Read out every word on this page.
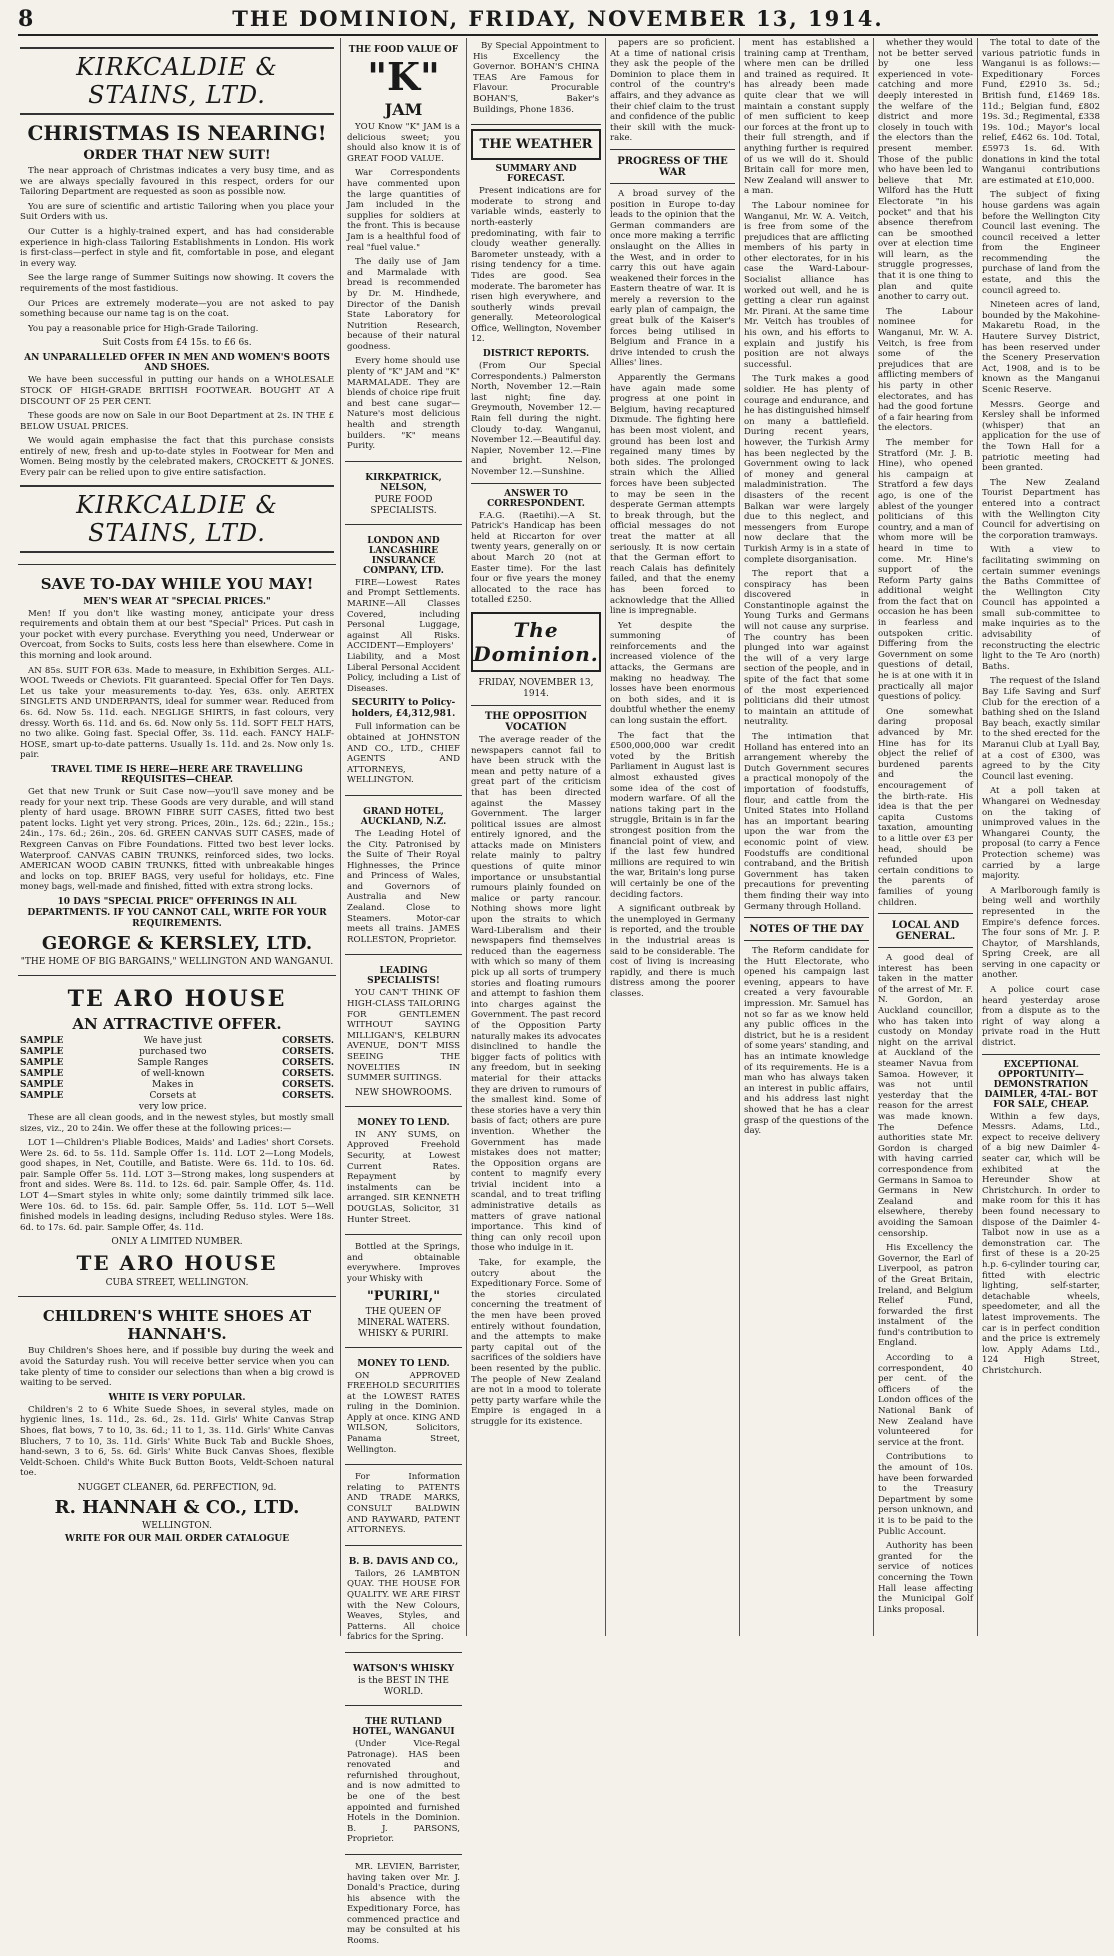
8	THE DOMINION, FRIDAY, NOVEMBER 13, 1914.
KIRKCALDIE & STAINS, LTD.
CHRISTMAS IS NEARING!
ORDER THAT NEW SUIT!

The near approach of Christmas indicates a very busy time, and as we are always specially favoured in this respect, orders for our Tailoring Department are requested as soon as possible now.

You are sure of scientific and artistic Tailoring when you place your Suit Orders with us.

Our Cutter is a highly-trained expert, and has had considerable experience in high-class Tailoring Establishments in London. His work is first-class—perfect in style and fit, comfortable in pose, and elegant in every way.

See the large range of Summer Suitings now showing. It covers the requirements of the most fastidious.

Our Prices are extremely moderate—you are not asked to pay something because our name tag is on the coat.

You pay a reasonable price for High-Grade Tailoring.

Suit Costs from £4 15s. to £6 6s.
AN UNPARALLELED OFFER IN MEN AND WOMEN'S BOOTS AND SHOES.

We have been successful in putting our hands on a WHOLESALE STOCK OF HIGH-GRADE BRITISH FOOTWEAR. BOUGHT AT A DISCOUNT OF 25 PER CENT.

These goods are now on Sale in our Boot Department at 2s. IN THE £ BELOW USUAL PRICES.

We would again emphasise the fact that this purchase consists entirely of new, fresh and up-to-date styles in Footwear for Men and Women. Being mostly by the celebrated makers, CROCKETT & JONES. Every pair can be relied upon to give entire satisfaction.

KIRKCALDIE & STAINS, LTD.
SAVE TO-DAY WHILE YOU MAY!
MEN'S WEAR AT "SPECIAL PRICES."

Men! If you don't like wasting money, anticipate your dress requirements and obtain them at our best "Special" Prices. Put cash in your pocket with every purchase. Everything you need, Underwear or Overcoat, from Socks to Suits, costs less here than elsewhere. Come in this morning and look around.

AN 85s. SUIT FOR 63s. Made to measure, in Exhibition Serges. ALL-WOOL Tweeds or Cheviots. Fit guaranteed. Special Offer for Ten Days. Let us take your measurements to-day. Yes, 63s. only. AERTEX SINGLETS AND UNDERPANTS, ideal for summer wear. Reduced from 6s. 6d. Now 5s. 11d. each. NEGLIGE SHIRTS, in fast colours, very dressy. Worth 6s. 11d. and 6s. 6d. Now only 5s. 11d. SOFT FELT HATS, no two alike. Going fast. Special Offer, 3s. 11d. each. FANCY HALF-HOSE, smart up-to-date patterns. Usually 1s. 11d. and 2s. Now only 1s. pair.

TRAVEL TIME IS HERE—HERE ARE TRAVELLING REQUISITES—CHEAP.

Get that new Trunk or Suit Case now—you'll save money and be ready for your next trip. These Goods are very durable, and will stand plenty of hard usage. BROWN FIBRE SUIT CASES, fitted two best patent locks. Light yet very strong. Prices, 20in., 12s. 6d.; 22in., 15s.; 24in., 17s. 6d.; 26in., 20s. 6d. GREEN CANVAS SUIT CASES, made of Rexgreen Canvas on Fibre Foundations. Fitted two best lever locks. Waterproof. CANVAS CABIN TRUNKS, reinforced sides, two locks. AMERICAN WOOD CABIN TRUNKS, fitted with unbreakable hinges and locks on top. BRIEF BAGS, very useful for holidays, etc. Fine money bags, well-made and finished, fitted with extra strong locks.

10 DAYS "SPECIAL PRICE" OFFERINGS IN ALL DEPARTMENTS. IF YOU CANNOT CALL, WRITE FOR YOUR REQUIREMENTS.
GEORGE & KERSLEY, LTD.
"THE HOME OF BIG BARGAINS," WELLINGTON AND WANGANUI.
TE ARO HOUSE
AN ATTRACTIVE OFFER.
SAMPLE
SAMPLE
SAMPLE
SAMPLE
SAMPLE
SAMPLE
We have just
purchased two
Sample Ranges
of well-known
Makes in
Corsets at
very low price.
CORSETS.
CORSETS.
CORSETS.
CORSETS.
CORSETS.
CORSETS.

These are all clean goods, and in the newest styles, but mostly small sizes, viz., 20 to 24in. We offer these at the following prices:—

LOT 1—Children's Pliable Bodices, Maids' and Ladies' short Corsets. Were 2s. 6d. to 5s. 11d. Sample Offer 1s. 11d. LOT 2—Long Models, good shapes, in Net, Coutille, and Batiste. Were 6s. 11d. to 10s. 6d. pair. Sample Offer 5s. 11d. LOT 3—Strong makes, long suspenders at front and sides. Were 8s. 11d. to 12s. 6d. pair. Sample Offer, 4s. 11d. LOT 4—Smart styles in white only; some daintily trimmed silk lace. Were 10s. 6d. to 15s. 6d. pair. Sample Offer, 5s. 11d. LOT 5—Well finished models in leading designs, including Reduso styles. Were 18s. 6d. to 17s. 6d. pair. Sample Offer, 4s. 11d.

ONLY A LIMITED NUMBER.
TE ARO HOUSE
CUBA STREET, WELLINGTON.
CHILDREN'S WHITE SHOES AT HANNAH'S.

Buy Children's Shoes here, and if possible buy during the week and avoid the Saturday rush. You will receive better service when you can take plenty of time to consider our selections than when a big crowd is waiting to be served.

WHITE IS VERY POPULAR.

Children's 2 to 6 White Suede Shoes, in several styles, made on hygienic lines, 1s. 11d., 2s. 6d., 2s. 11d. Girls' White Canvas Strap Shoes, flat bows, 7 to 10, 3s. 6d.; 11 to 1, 3s. 11d. Girls' White Canvas Bluchers, 7 to 10, 3s. 11d. Girls' White Buck Tab and Buckle Shoes, hand-sewn, 3 to 6, 5s. 6d. Girls' White Buck Canvas Shoes, flexible Veldt-Schoen. Child's White Buck Button Boots, Veldt-Schoen natural toe.

NUGGET CLEANER, 6d. PERFECTION, 9d.
R. HANNAH & CO., LTD.
WELLINGTON.
WRITE FOR OUR MAIL ORDER CATALOGUE
THE FOOD VALUE OF
"K"
JAM

YOU Know "K" JAM is a delicious sweet; you should also know it is of GREAT FOOD VALUE.

War Correspondents have commented upon the large quantities of Jam included in the supplies for soldiers at the front. This is because Jam is a healthful food of real "fuel value."

The daily use of Jam and Marmalade with bread is recommended by Dr. M. Hindhede, Director of the Danish State Laboratory for Nutrition Research, because of their natural goodness.

Every home should use plenty of "K" JAM and "K" MARMALADE. They are blends of choice ripe fruit and best cane sugar—Nature's most delicious health and strength builders. "K" means Purity.

KIRKPATRICK, NELSON,
PURE FOOD SPECIALISTS.
LONDON AND LANCASHIRE INSURANCE COMPANY, LTD.

FIRE—Lowest Rates and Prompt Settlements. MARINE—All Classes Covered, including Personal Luggage, against All Risks. ACCIDENT—Employers' Liability, and a Most Liberal Personal Accident Policy, including a List of Diseases.

SECURITY to Policy-holders, £4,312,981.

Full information can be obtained at JOHNSTON AND CO., LTD., CHIEF AGENTS AND ATTORNEYS, WELLINGTON.

GRAND HOTEL, AUCKLAND, N.Z.

The Leading Hotel of the City. Patronised by the Suite of Their Royal Highnesses, the Prince and Princess of Wales, and Governors of Australia and New Zealand. Close to Steamers. Motor-car meets all trains. JAMES ROLLESTON, Proprietor.

LEADING SPECIALISTS!

YOU CAN'T THINK OF HIGH-CLASS TAILORING FOR GENTLEMEN WITHOUT SAYING MILLIGAN'S, KELBURN AVENUE, DON'T MISS SEEING THE NOVELTIES IN SUMMER SUITINGS.

NEW SHOWROOMS.
MONEY TO LEND.

IN ANY SUMS, on Approved Freehold Security, at Lowest Current Rates. Repayment by instalments can be arranged. SIR KENNETH DOUGLAS, Solicitor, 31 Hunter Street.

Bottled at the Springs, and obtainable everywhere. Improves your Whisky with

"PURIRI,"
THE QUEEN OF MINERAL WATERS. WHISKY & PURIRI.
MONEY TO LEND.

ON APPROVED FREEHOLD SECURITIES at the LOWEST RATES ruling in the Dominion. Apply at once. KING AND WILSON, Solicitors, Panama Street, Wellington.

For Information relating to PATENTS AND TRADE MARKS, CONSULT BALDWIN AND RAYWARD, PATENT ATTORNEYS.

B. B. DAVIS AND CO.,

Tailors, 26 LAMBTON QUAY. THE HOUSE FOR QUALITY. WE ARE FIRST with the New Colours, Weaves, Styles, and Patterns. All choice fabrics for the Spring.

WATSON'S WHISKY
is the BEST IN THE WORLD.
THE RUTLAND HOTEL, WANGANUI

(Under Vice-Regal Patronage). HAS been renovated and refurnished throughout, and is now admitted to be one of the best appointed and furnished Hotels in the Dominion. B. J. PARSONS, Proprietor.

MR. LEVIEN, Barrister, having taken over Mr. J. Donald's Practice, during his absence with the Expeditionary Force, has commenced practice and may be consulted at his Rooms.

By Special Appointment to His Excellency the Governor. BOHAN'S CHINA TEAS Are Famous for Flavour. Procurable BOHAN'S, Baker's Buildings, Phone 1836.

THE WEATHER
SUMMARY AND FORECAST.

Present indications are for moderate to strong and variable winds, easterly to north-easterly predominating, with fair to cloudy weather generally. Barometer unsteady, with a rising tendency for a time. Tides are good. Sea moderate. The barometer has risen high everywhere, and southerly winds prevail generally. Meteorological Office, Wellington, November 12.

DISTRICT REPORTS.

(From Our Special Correspondents.) Palmerston North, November 12.—Rain last night; fine day. Greymouth, November 12.—Rain fell during the night. Cloudy to-day. Wanganui, November 12.—Beautiful day. Napier, November 12.—Fine and bright. Nelson, November 12.—Sunshine.

ANSWER TO CORRESPONDENT.

F.A.G. (Raetihi).—A St. Patrick's Handicap has been held at Riccarton for over twenty years, generally on or about March 20 (not at Easter time). For the last four or five years the money allocated to the race has totalled £250.

The Dominion.
FRIDAY, NOVEMBER 13, 1914.
THE OPPOSITION VOCATION

The average reader of the newspapers cannot fail to have been struck with the mean and petty nature of a great part of the criticism that has been directed against the Massey Government. The larger political issues are almost entirely ignored, and the attacks made on Ministers relate mainly to paltry questions of quite minor importance or unsubstantial rumours plainly founded on malice or party rancour. Nothing shows more light upon the straits to which Ward-Liberalism and their newspapers find themselves reduced than the eagerness with which so many of them pick up all sorts of trumpery stories and floating rumours and attempt to fashion them into charges against the Government. The past record of the Opposition Party naturally makes its advocates disinclined to handle the bigger facts of politics with any freedom, but in seeking material for their attacks they are driven to rumours of the smallest kind. Some of these stories have a very thin basis of fact; others are pure invention. Whether the Government has made mistakes does not matter; the Opposition organs are content to magnify every trivial incident into a scandal, and to treat trifling administrative details as matters of grave national importance. This kind of thing can only recoil upon those who indulge in it.

Take, for example, the outcry about the Expeditionary Force. Some of the stories circulated concerning the treatment of the men have been proved entirely without foundation, and the attempts to make party capital out of the sacrifices of the soldiers have been resented by the public. The people of New Zealand are not in a mood to tolerate petty party warfare while the Empire is engaged in a struggle for its existence.

papers are so proficient. At a time of national crisis they ask the people of the Dominion to place them in control of the country's affairs, and they advance as their chief claim to the trust and confidence of the public their skill with the muck-rake.

PROGRESS OF THE WAR

A broad survey of the position in Europe to-day leads to the opinion that the German commanders are once more making a terrific onslaught on the Allies in the West, and in order to carry this out have again weakened their forces in the Eastern theatre of war. It is merely a reversion to the early plan of campaign, the great bulk of the Kaiser's forces being utilised in Belgium and France in a drive intended to crush the Allies' lines.

Apparently the Germans have again made some progress at one point in Belgium, having recaptured Dixmude. The fighting here has been most violent, and ground has been lost and regained many times by both sides. The prolonged strain which the Allied forces have been subjected to may be seen in the desperate German attempts to break through, but the official messages do not treat the matter at all seriously. It is now certain that the German effort to reach Calais has definitely failed, and that the enemy has been forced to acknowledge that the Allied line is impregnable.

Yet despite the summoning of reinforcements and the increased violence of the attacks, the Germans are making no headway. The losses have been enormous on both sides, and it is doubtful whether the enemy can long sustain the effort.

The fact that the £500,000,000 war credit voted by the British Parliament in August last is almost exhausted gives some idea of the cost of modern warfare. Of all the nations taking part in the struggle, Britain is in far the strongest position from the financial point of view, and if the last few hundred millions are required to win the war, Britain's long purse will certainly be one of the deciding factors.

A significant outbreak by the unemployed in Germany is reported, and the trouble in the industrial areas is said to be considerable. The cost of living is increasing rapidly, and there is much distress among the poorer classes.

ment has established a training camp at Trentham, where men can be drilled and trained as required. It has already been made quite clear that we will maintain a constant supply of men sufficient to keep our forces at the front up to their full strength, and if anything further is required of us we will do it. Should Britain call for more men, New Zealand will answer to a man.

The Labour nominee for Wanganui, Mr. W. A. Veitch, is free from some of the prejudices that are afflicting members of his party in other electorates, for in his case the Ward-Labour-Socialist alliance has worked out well, and he is getting a clear run against Mr. Pirani. At the same time Mr. Veitch has troubles of his own, and his efforts to explain and justify his position are not always successful.

The Turk makes a good soldier. He has plenty of courage and endurance, and he has distinguished himself on many a battlefield. During recent years, however, the Turkish Army has been neglected by the Government owing to lack of money and general maladministration. The disasters of the recent Balkan war were largely due to this neglect, and messengers from Europe now declare that the Turkish Army is in a state of complete disorganisation.

The report that a conspiracy has been discovered in Constantinople against the Young Turks and Germans will not cause any surprise. The country has been plunged into war against the will of a very large section of the people, and in spite of the fact that some of the most experienced politicians did their utmost to maintain an attitude of neutrality.

The intimation that Holland has entered into an arrangement whereby the Dutch Government secures a practical monopoly of the importation of foodstuffs, flour, and cattle from the United States into Holland has an important bearing upon the war from the economic point of view. Foodstuffs are conditional contraband, and the British Government has taken precautions for preventing them finding their way into Germany through Holland.

NOTES OF THE DAY

The Reform candidate for the Hutt Electorate, who opened his campaign last evening, appears to have created a very favourable impression. Mr. Samuel has not so far as we know held any public offices in the district, but he is a resident of some years' standing, and has an intimate knowledge of its requirements. He is a man who has always taken an interest in public affairs, and his address last night showed that he has a clear grasp of the questions of the day.

whether they would not be better served by one less experienced in vote-catching and more deeply interested in the welfare of the district and more closely in touch with the electors than the present member. Those of the public who have been led to believe that Mr. Wilford has the Hutt Electorate "in his pocket" and that his absence therefrom can be smoothed over at election time will learn, as the struggle progresses, that it is one thing to plan and quite another to carry out.

The Labour nominee for Wanganui, Mr. W. A. Veitch, is free from some of the prejudices that are afflicting members of his party in other electorates, and has had the good fortune of a fair hearing from the electors.

The member for Stratford (Mr. J. B. Hine), who opened his campaign at Stratford a few days ago, is one of the ablest of the younger politicians of this country, and a man of whom more will be heard in time to come. Mr. Hine's support of the Reform Party gains additional weight from the fact that on occasion he has been in fearless and outspoken critic. Differing from the Government on some questions of detail, he is at one with it in practically all major questions of policy.

One somewhat daring proposal advanced by Mr. Hine has for its object the relief of burdened parents and the encouragement of the birth-rate. His idea is that the per capita Customs taxation, amounting to a little over £3 per head, should be refunded upon certain conditions to the parents of families of young children.

LOCAL AND GENERAL.

A good deal of interest has been taken in the matter of the arrest of Mr. F. N. Gordon, an Auckland councillor, who has taken into custody on Monday night on the arrival at Auckland of the steamer Navua from Samoa. However, it was not until yesterday that the reason for the arrest was made known. The Defence authorities state Mr. Gordon is charged with having carried correspondence from Germans in Samoa to Germans in New Zealand and elsewhere, thereby avoiding the Samoan censorship.

His Excellency the Governor, the Earl of Liverpool, as patron of the Great Britain, Ireland, and Belgium Relief Fund, forwarded the first instalment of the fund's contribution to England.

According to a correspondent, 40 per cent. of the officers of the London offices of the National Bank of New Zealand have volunteered for service at the front.

Contributions to the amount of 10s. have been forwarded to the Treasury Department by some person unknown, and it is to be paid to the Public Account.

Authority has been granted for the service of notices concerning the Town Hall lease affecting the Municipal Golf Links proposal.

The total to date of the various patriotic funds in Wanganui is as follows:—Expeditionary Forces Fund, £2910 3s. 5d.; British fund, £1469 18s. 11d.; Belgian fund, £802 19s. 3d.; Regimental, £338 19s. 10d.; Mayor's local relief, £462 6s. 10d. Total, £5973 1s. 6d. With donations in kind the total Wanganui contributions are estimated at £10,000.

The subject of fixing house gardens was again before the Wellington City Council last evening. The council received a letter from the Engineer recommending the purchase of land from the estate, and this the council agreed to.

Nineteen acres of land, bounded by the Makohine-Makaretu Road, in the Hautere Survey District, has been reserved under the Scenery Preservation Act, 1908, and is to be known as the Manganui Scenic Reserve.

Messrs. George and Kersley shall be informed (whisper) that an application for the use of the Town Hall for a patriotic meeting had been granted.

The New Zealand Tourist Department has entered into a contract with the Wellington City Council for advertising on the corporation tramways.

With a view to facilitating swimming on certain summer evenings the Baths Committee of the Wellington City Council has appointed a small sub-committee to make inquiries as to the advisability of reconstructing the electric light to the Te Aro (north) Baths.

The request of the Island Bay Life Saving and Surf Club for the erection of a bathing shed on the Island Bay beach, exactly similar to the shed erected for the Maranui Club at Lyall Bay, at a cost of £300, was agreed to by the City Council last evening.

At a poll taken at Whangarei on Wednesday on the taking of unimproved values in the Whangarei County, the proposal (to carry a Fence Protection scheme) was carried by a large majority.

A Marlborough family is being well and worthily represented in the Empire's defence forces. The four sons of Mr. J. P. Chaytor, of Marshlands, Spring Creek, are all serving in one capacity or another.

A police court case heard yesterday arose from a dispute as to the right of way along a private road in the Hutt district.

EXCEPTIONAL OPPORTUNITY—DEMONSTRATION DAIMLER, 4-TAL- BOT FOR SALE, CHEAP.

Within a few days, Messrs. Adams, Ltd., expect to receive delivery of a big new Daimler 4-seater car, which will be exhibited at the Hereunder Show at Christchurch. In order to make room for this it has been found necessary to dispose of the Daimler 4-Talbot now in use as a demonstration car. The first of these is a 20-25 h.p. 6-cylinder touring car, fitted with electric lighting, self-starter, detachable wheels, speedometer, and all the latest improvements. The car is in perfect condition and the price is extremely low. Apply Adams Ltd., 124 High Street, Christchurch.
